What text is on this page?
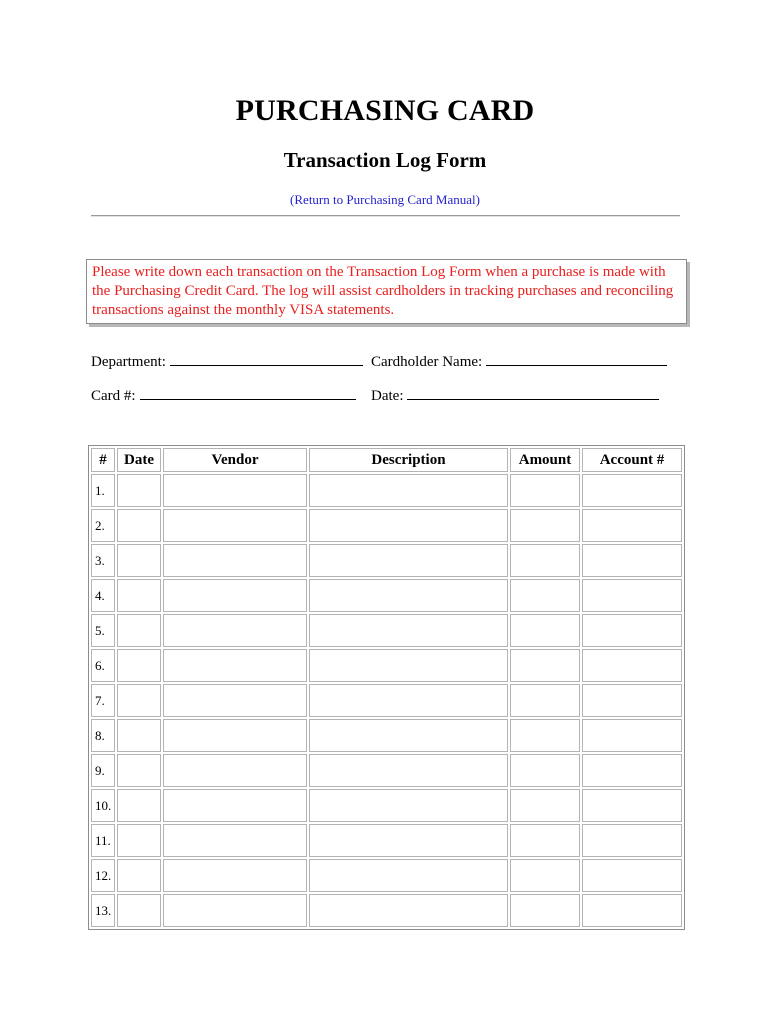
PURCHASING CARD
Transaction Log Form
(Return to Purchasing Card Manual)
Please write down each transaction on the Transaction Log Form when a purchase is made with the Purchasing Credit Card. The log will assist cardholders in tracking purchases and reconciling transactions against the monthly VISA statements.
Department:	Cardholder Name:
Card #:	Date:
#	Date	Vendor	Description	Amount	Account #
1.					
2.					
3.					
4.					
5.					
6.					
7.					
8.					
9.					
10.					
11.					
12.					
13.					
